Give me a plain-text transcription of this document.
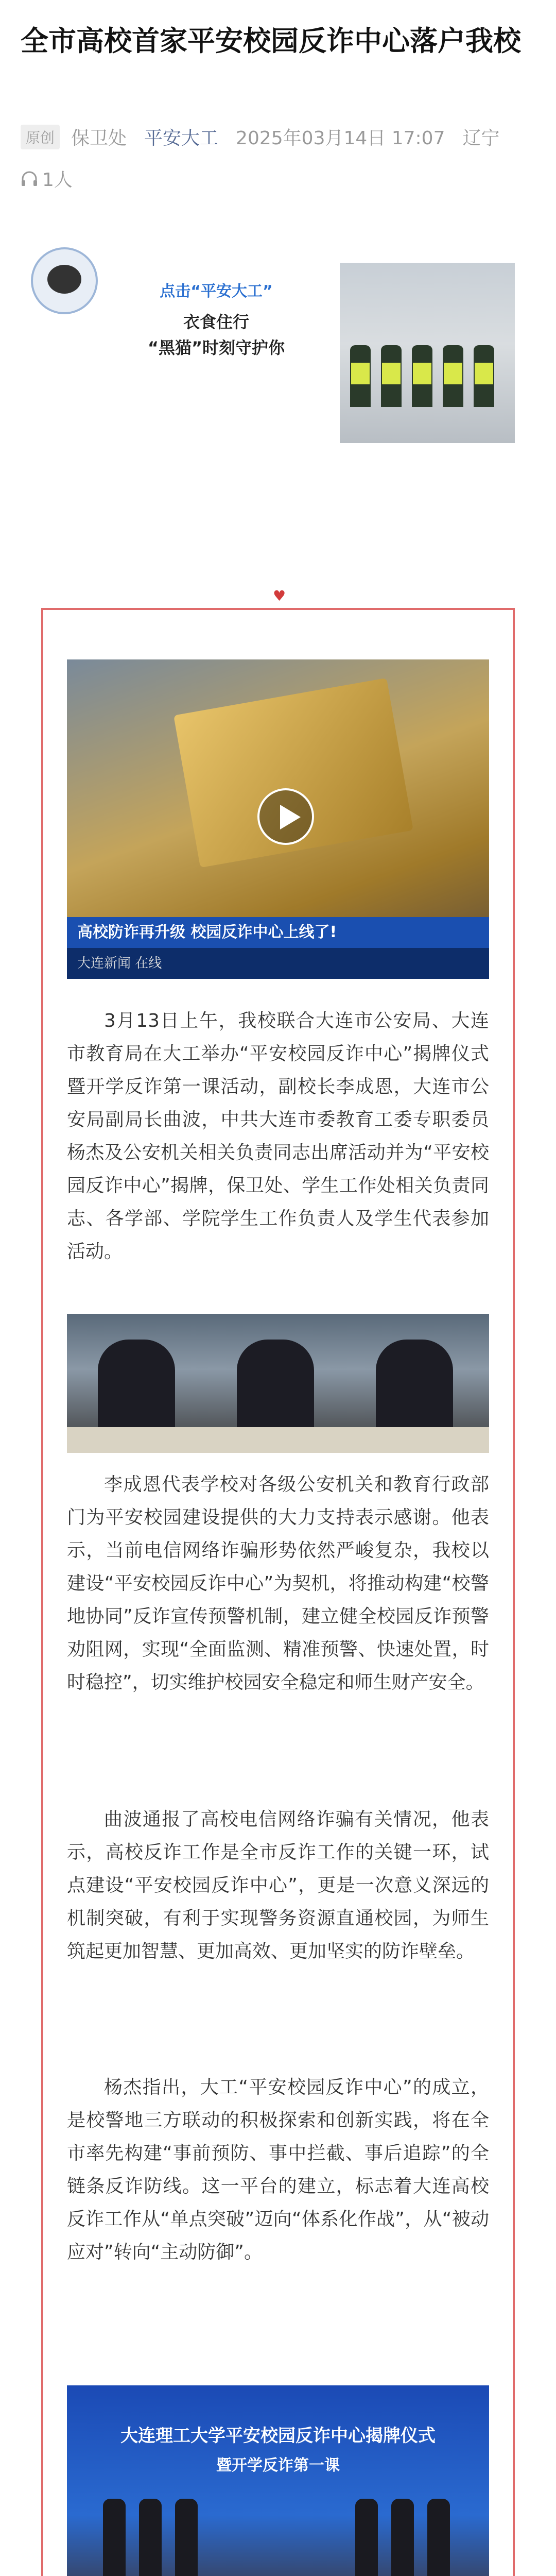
全市高校首家平安校园反诈中心落户我校
原创 保卫处 平安大工 2025年03月14日 17:07 辽宁
1人
点击“平安大工”
衣食住行
“黑猫”时刻守护你
♥
高校防诈再升级 校园反诈中心上线了!
大连新闻 在线

3月13日上午，我校联合大连市公安局、大连市教育局在大工举办“平安校园反诈中心”揭牌仪式暨开学反诈第一课活动，副校长李成恩，大连市公安局副局长曲波，中共大连市委教育工委专职委员杨杰及公安机关相关负责同志出席活动并为“平安校园反诈中心”揭牌，保卫处、学生工作处相关负责同志、各学部、学院学生工作负责人及学生代表参加活动。

李成恩代表学校对各级公安机关和教育行政部门为平安校园建设提供的大力支持表示感谢。他表示，当前电信网络诈骗形势依然严峻复杂，我校以建设“平安校园反诈中心”为契机，将推动构建“校警地协同”反诈宣传预警机制，建立健全校园反诈预警劝阻网，实现“全面监测、精准预警、快速处置，时时稳控”，切实维护校园安全稳定和师生财产安全。

曲波通报了高校电信网络诈骗有关情况，他表示，高校反诈工作是全市反诈工作的关键一环，试点建设“平安校园反诈中心”，更是一次意义深远的机制突破，有利于实现警务资源直通校园，为师生筑起更加智慧、更加高效、更加坚实的防诈壁垒。

杨杰指出，大工“平安校园反诈中心”的成立，是校警地三方联动的积极探索和创新实践，将在全市率先构建“事前预防、事中拦截、事后追踪”的全链条反诈防线。这一平台的建立，标志着大连高校反诈工作从“单点突破”迈向“体系化作战”，从“被动应对”转向“主动防御”。

大连理工大学平安校园反诈中心揭牌仪式
暨开学反诈第一课
